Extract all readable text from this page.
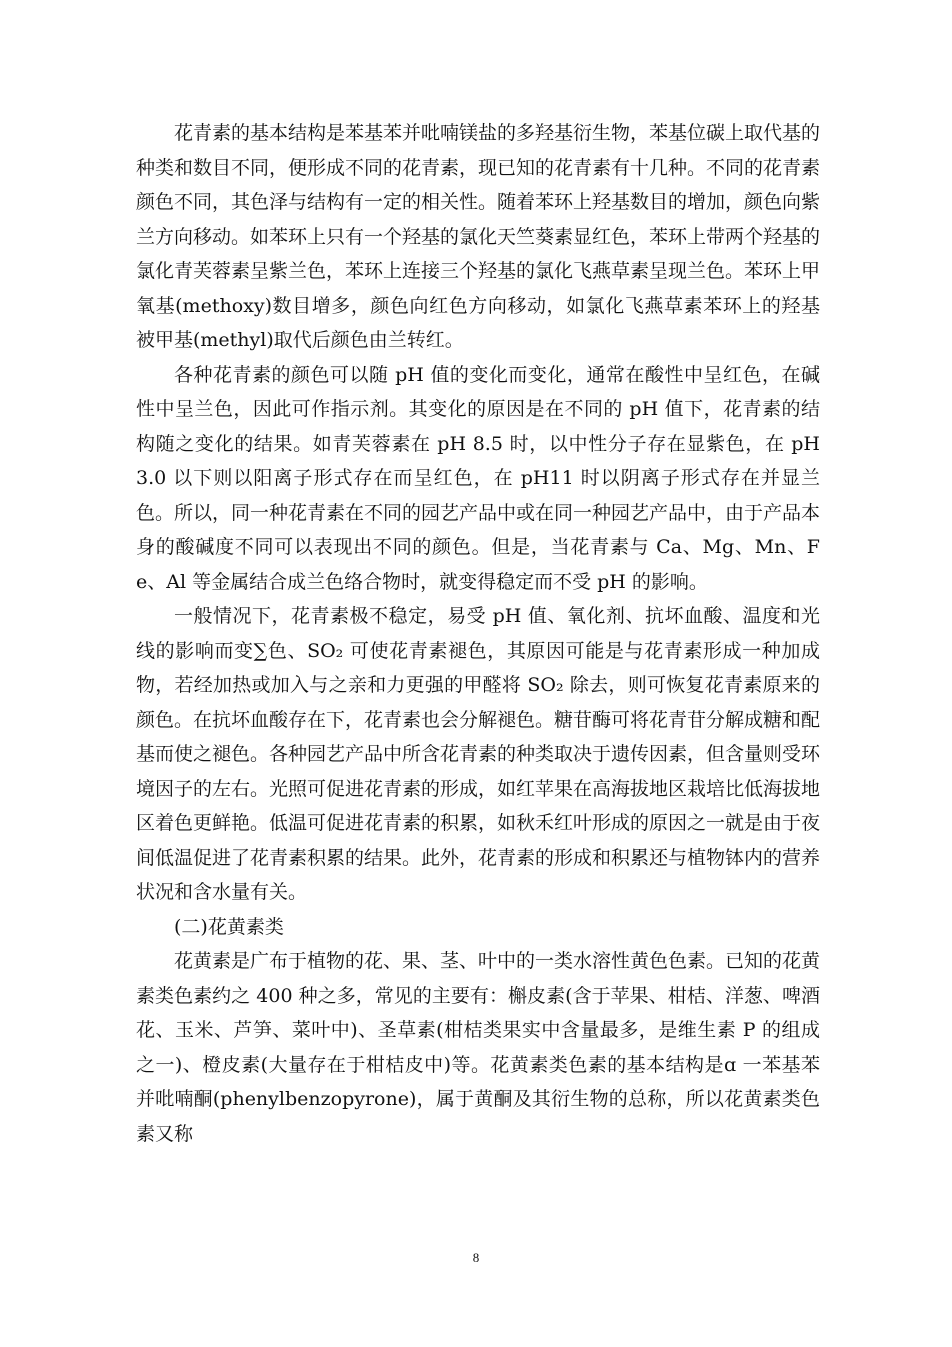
花青素的基本结构是苯基苯并吡喃镁盐的多羟基衍生物，苯基位碳上取代基的种类和数目不同，便形成不同的花青素，现已知的花青素有十几种。不同的花青素颜色不同，其色泽与结构有一定的相关性。随着苯环上羟基数目的增加，颜色向紫兰方向移动。如苯环上只有一个羟基的氯化天竺葵素显红色，苯环上带两个羟基的氯化青芙蓉素呈紫兰色，苯环上连接三个羟基的氯化飞燕草素呈现兰色。苯环上甲氧基(methoxy)数目增多，颜色向红色方向移动，如氯化飞燕草素苯环上的羟基被甲基(methyl)取代后颜色由兰转红。

各种花青素的颜色可以随 pH 值的变化而变化，通常在酸性中呈红色，在碱性中呈兰色，因此可作指示剂。其变化的原因是在不同的 pH 值下，花青素的结构随之变化的结果。如青芙蓉素在 pH 8.5 时，以中性分子存在显紫色，在 pH 3.0 以下则以阳离子形式存在而呈红色，在 pH11 时以阴离子形式存在并显兰色。所以，同一种花青素在不同的园艺产品中或在同一种园艺产品中，由于产品本身的酸碱度不同可以表现出不同的颜色。但是，当花青素与 Ca、Mg、Mn、Fe、Al 等金属结合成兰色络合物时，就变得稳定而不受 pH 的影响。

一般情况下，花青素极不稳定，易受 pH 值、氧化剂、抗坏血酸、温度和光线的影响而变∑色、SO₂ 可使花青素褪色，其原因可能是与花青素形成一种加成物，若经加热或加入与之亲和力更强的甲醛将 SO₂ 除去，则可恢复花青素原来的颜色。在抗坏血酸存在下，花青素也会分解褪色。糖苷酶可将花青苷分解成糖和配基而使之褪色。各种园艺产品中所含花青素的种类取决于遗传因素，但含量则受环境因子的左右。光照可促进花青素的形成，如红苹果在高海拔地区栽培比低海拔地区着色更鲜艳。低温可促进花青素的积累，如秋禾红叶形成的原因之一就是由于夜间低温促进了花青素积累的结果。此外，花青素的形成和积累还与植物钵内的营养状况和含水量有关。

(二)花黄素类

花黄素是广布于植物的花、果、茎、叶中的一类水溶性黄色色素。已知的花黄素类色素约之 400 种之多，常见的主要有：槲皮素(含于苹果、柑桔、洋葱、啤酒花、玉米、芦笋、菜叶中)、圣草素(柑桔类果实中含量最多，是维生素 P 的组成之一)、橙皮素(大量存在于柑桔皮中)等。花黄素类色素的基本结构是ɑ 一苯基苯并吡喃酮(phenylbenzopyrone)，属于黄酮及其衍生物的总称，所以花黄素类色素又称

8
